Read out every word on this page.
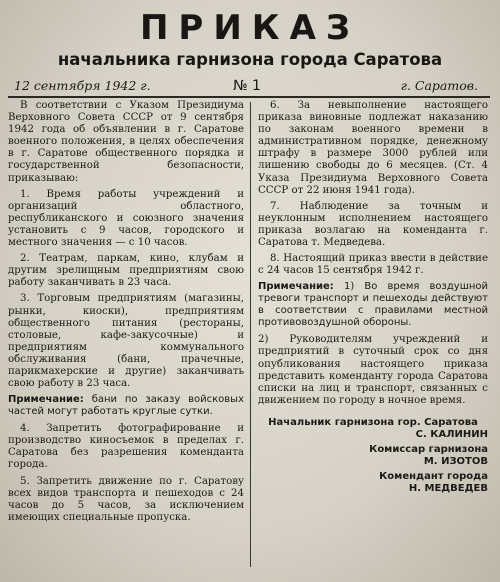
ПРИКАЗ
начальника гарнизона города Саратова
12 сентября 1942 г.	№ 1	г. Саратов.

В соответствии с Указом Президиума Верховного Совета СССР от 9 сентября 1942 года об объявлении в г. Саратове военного положения, в целях обеспечения в г. Саратове общественного порядка и государственной безопасности, приказываю:

1. Время работы учреждений и организаций областного, республиканского и союзного значения установить с 9 часов, городского и местного значения — с 10 часов.

2. Театрам, паркам, кино, клубам и другим зрелищным предприятиям свою работу заканчивать в 23 часа.

3. Торговым предприятиям (магазины, рынки, киоски), предприятиям общественного питания (рестораны, столовые, кафе-закусочные) и предприятиям коммунального обслуживания (бани, прачечные, парикмахерские и другие) заканчивать свою работу в 23 часа.

Примечание: бани по заказу войсковых частей могут работать круглые сутки.

4. Запретить фотографирование и производство киносъемок в пределах г. Саратова без разрешения коменданта города.

5. Запретить движение по г. Саратову всех видов транспорта и пешеходов с 24 часов до 5 часов, за исключением имеющих специальные пропуска.

6. За невыполнение настоящего приказа виновные подлежат наказанию по законам военного времени в административном порядке, денежному штрафу в размере 3000 рублей или лишению свободы до 6 месяцев. (Ст. 4 Указа Президиума Верховного Совета СССР от 22 июня 1941 года).

7. Наблюдение за точным и неуклонным исполнением настоящего приказа возлагаю на коменданта г. Саратова т. Медведева.

8. Настоящий приказ ввести в действие с 24 часов 15 сентября 1942 г.

Примечание: 1) Во время воздушной тревоги транспорт и пешеходы действуют в соответствии с правилами местной противовоздушной обороны.

2) Руководителям учреждений и предприятий в суточный срок со дня опубликования настоящего приказа представить коменданту города Саратова списки на лиц и транспорт, связанных с движением по городу в ночное время.

Начальник гарнизона гор. Саратова
С. КАЛИНИН
Комиссар гарнизона
М. ИЗОТОВ
Комендант города
Н. МЕДВЕДЕВ
